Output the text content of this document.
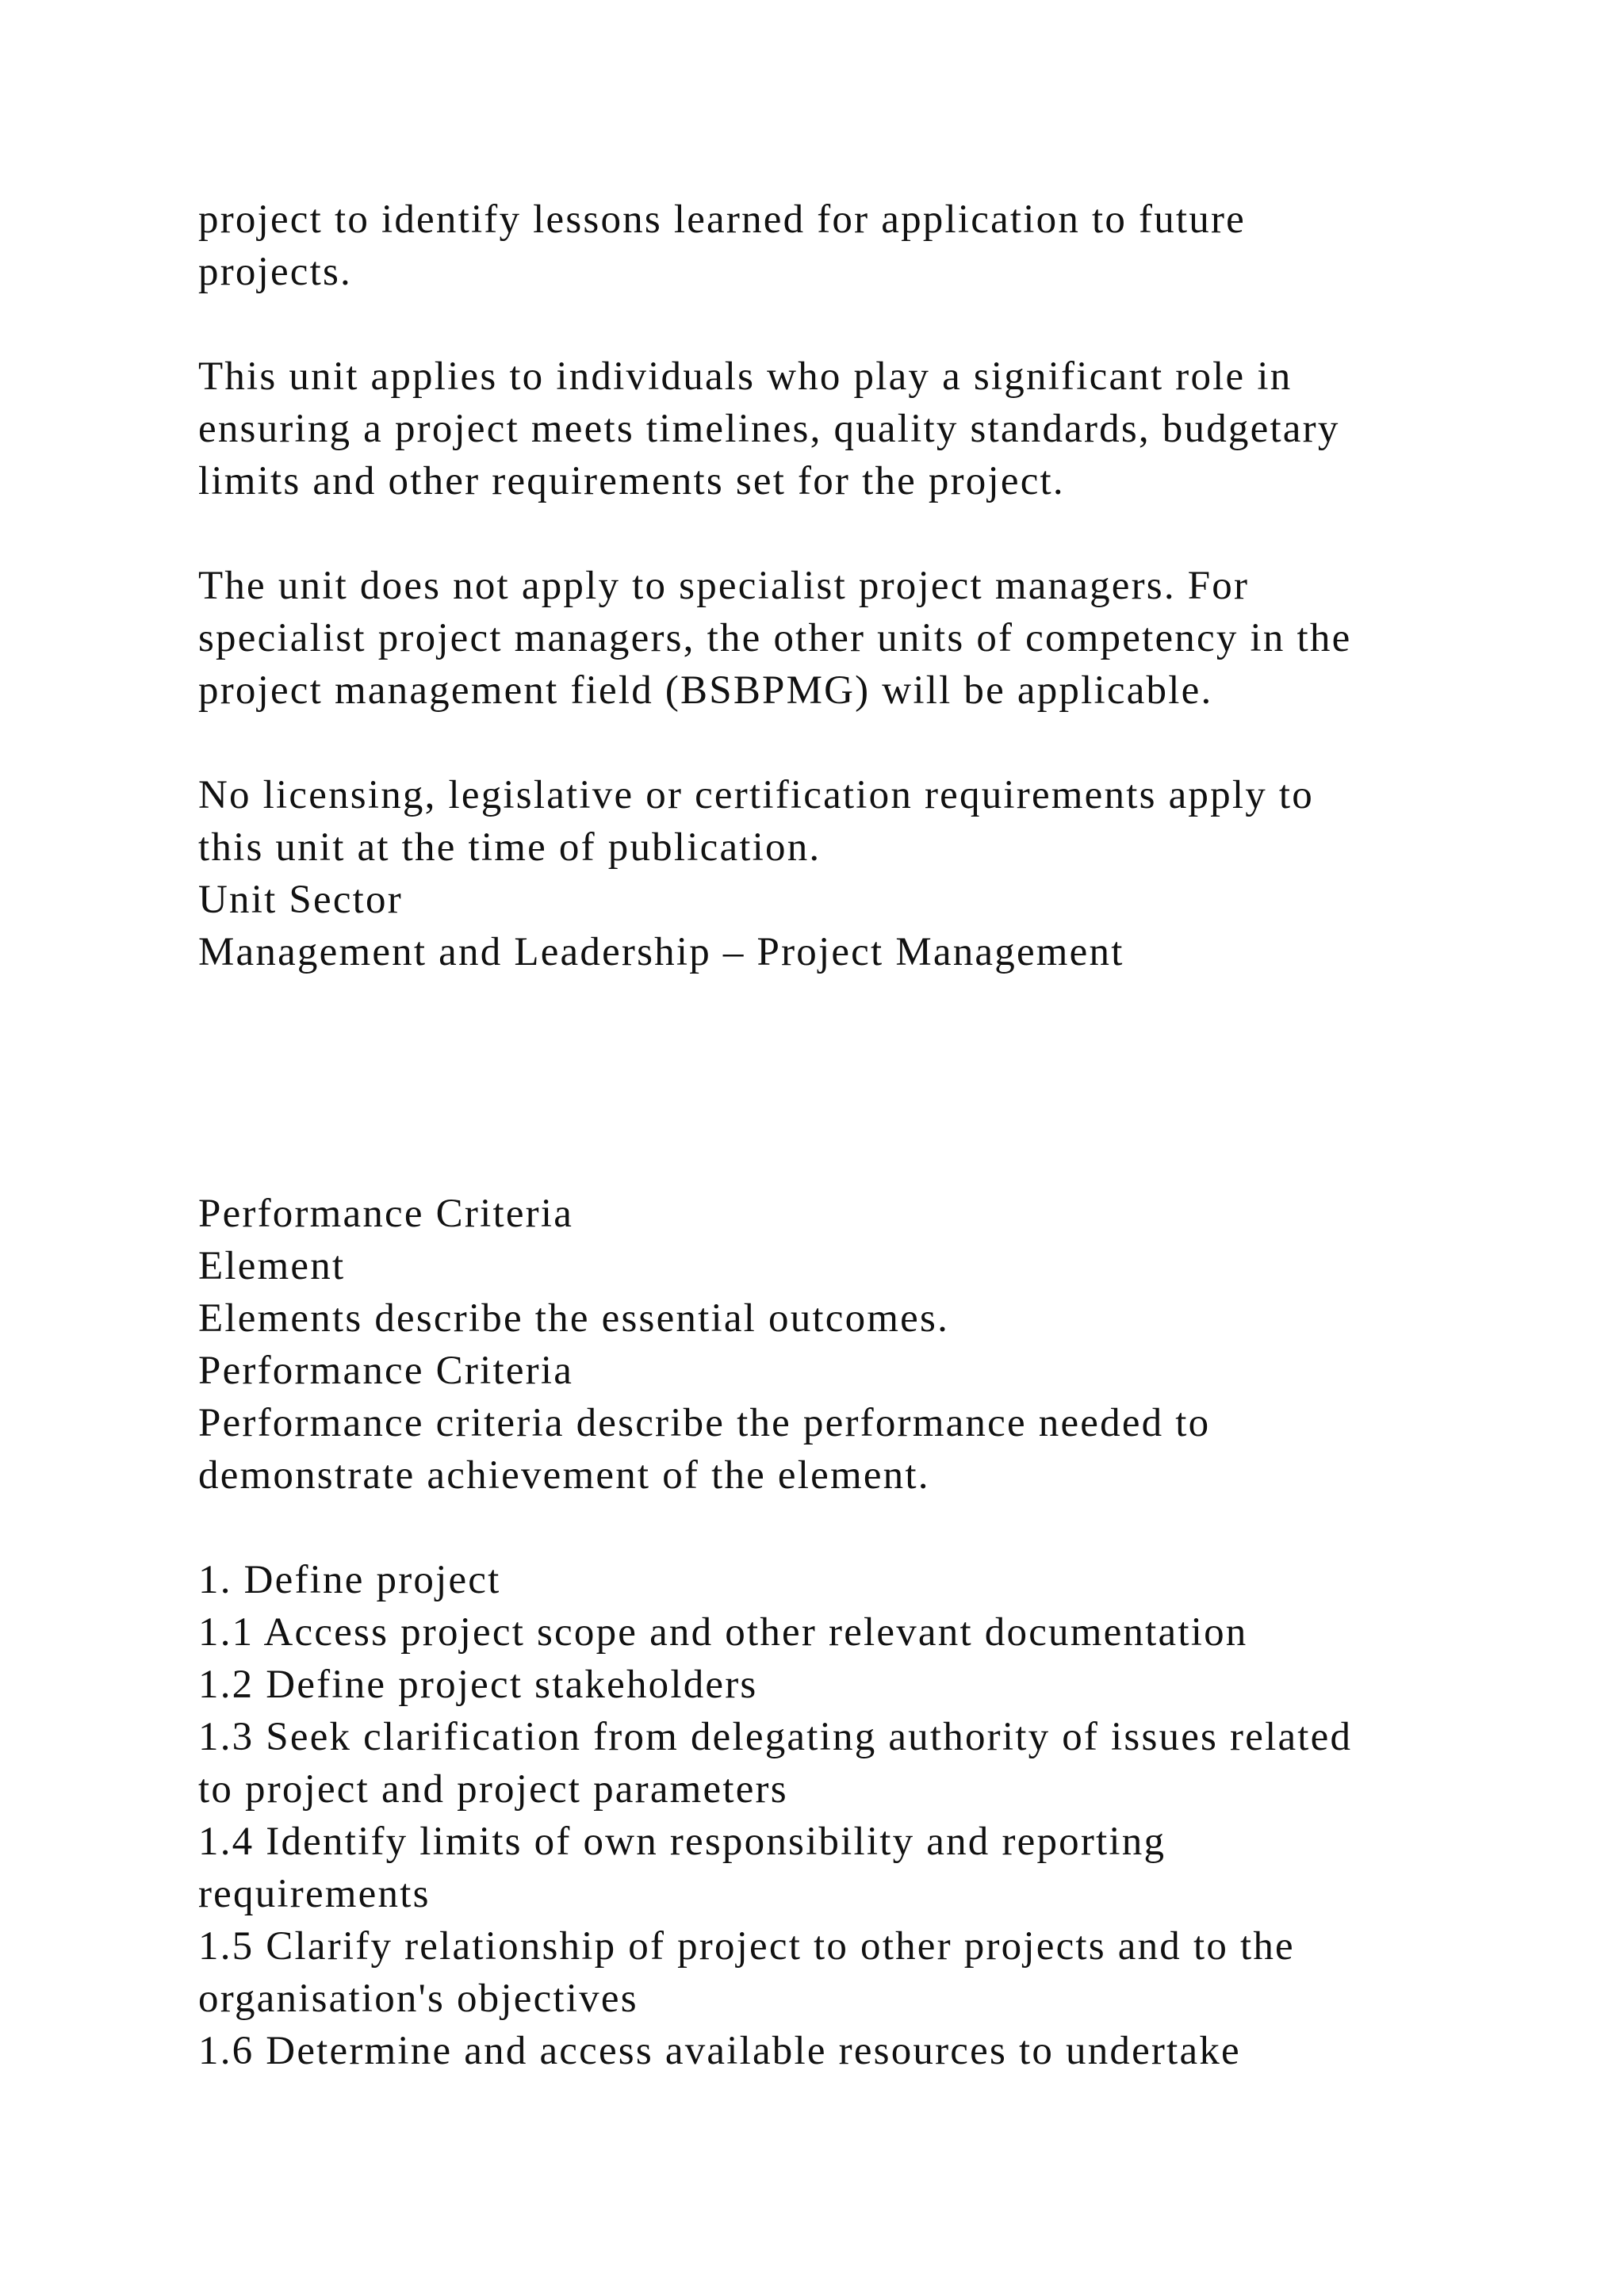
project to identify lessons learned for application to future
projects.
This unit applies to individuals who play a significant role in
ensuring a project meets timelines, quality standards, budgetary
limits and other requirements set for the project.
The unit does not apply to specialist project managers. For
specialist project managers, the other units of competency in the
project management field (BSBPMG) will be applicable.
No licensing, legislative or certification requirements apply to
this unit at the time of publication.
Unit Sector
Management and Leadership – Project Management
Performance Criteria
Element
Elements describe the essential outcomes.
Performance Criteria
Performance criteria describe the performance needed to
demonstrate achievement of the element.
1. Define project
1.1 Access project scope and other relevant documentation
1.2 Define project stakeholders
1.3 Seek clarification from delegating authority of issues related
to project and project parameters
1.4 Identify limits of own responsibility and reporting
requirements
1.5 Clarify relationship of project to other projects and to the
organisation's objectives
1.6 Determine and access available resources to undertake
